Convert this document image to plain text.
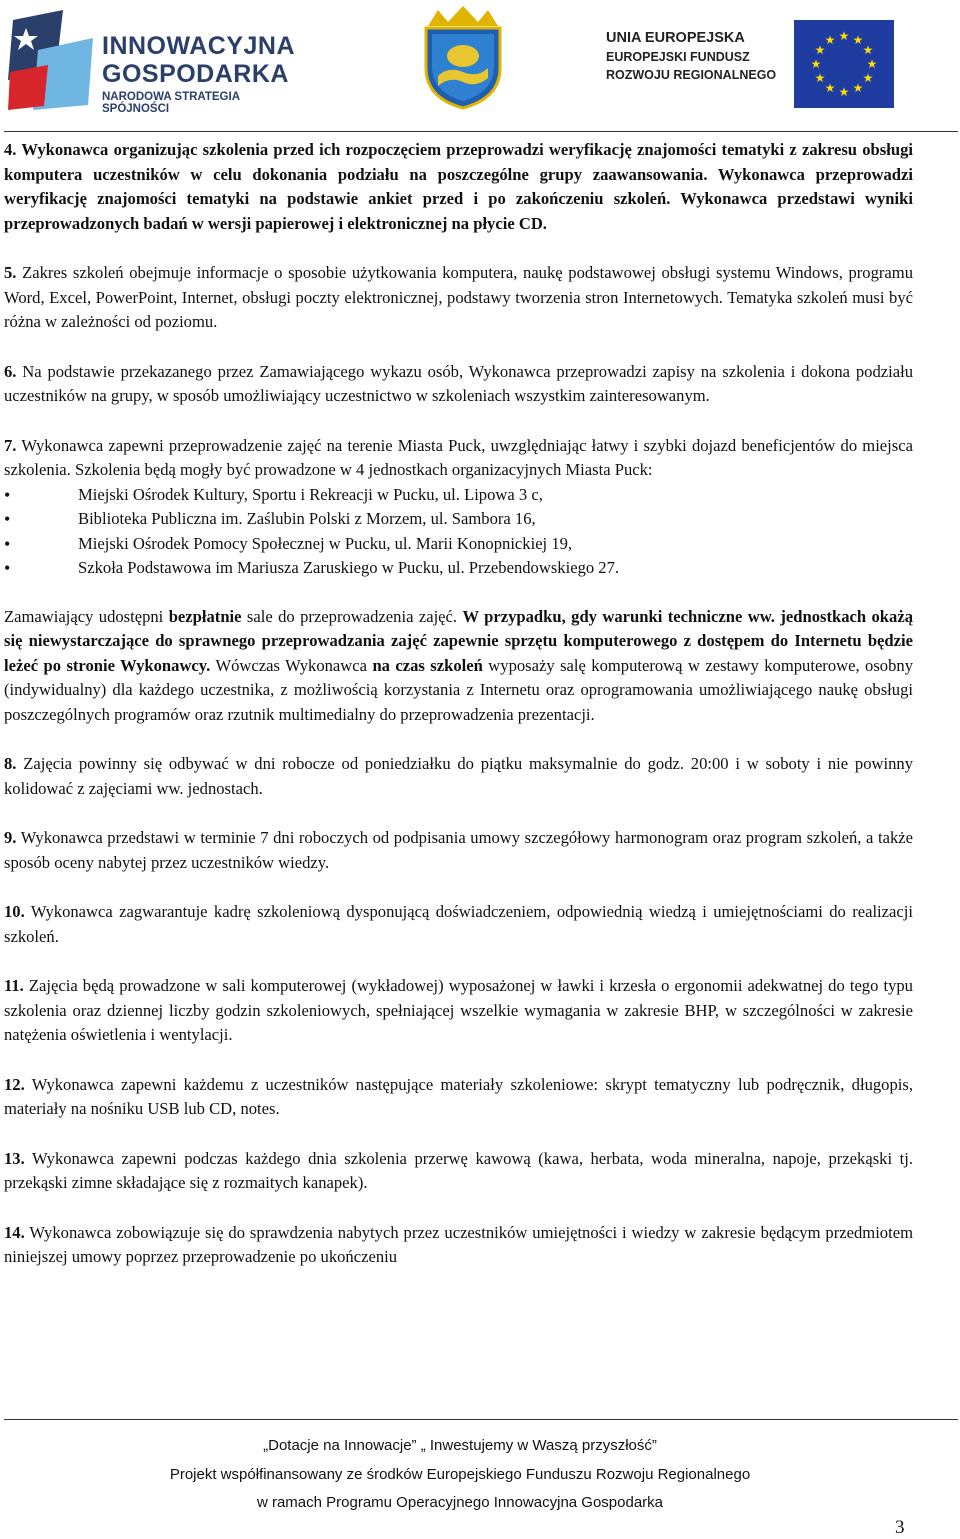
INNOWACYJNA
GOSPODARKA
NARODOWA STRATEGIA SPÓJNOŚCI
UNIA EUROPEJSKA
EUROPEJSKI FUNDUSZ
ROZWOJU REGIONALNEGO
★ ★
★
★
★
★
★
★
★
★
★
★

4. Wykonawca organizując szkolenia przed ich rozpoczęciem przeprowadzi weryfikację znajomości tematyki z zakresu obsługi komputera uczestników w celu dokonania podziału na poszczególne grupy zaawansowania. Wykonawca przeprowadzi weryfikację znajomości tematyki na podstawie ankiet przed i po zakończeniu szkoleń. Wykonawca przedstawi wyniki przeprowadzonych badań w wersji papierowej i elektronicznej na płycie CD.

5. Zakres szkoleń obejmuje informacje o sposobie użytkowania komputera, naukę podstawowej obsługi systemu Windows, programu Word, Excel, PowerPoint, Internet, obsługi poczty elektronicznej, podstawy tworzenia stron Internetowych. Tematyka szkoleń musi być różna w zależności od poziomu.

6. Na podstawie przekazanego przez Zamawiającego wykazu osób, Wykonawca przeprowadzi zapisy na szkolenia i dokona podziału uczestników na grupy, w sposób umożliwiający uczestnictwo w szkoleniach wszystkim zainteresowanym.

7. Wykonawca zapewni przeprowadzenie zajęć na terenie Miasta Puck, uwzględniając łatwy i szybki dojazd beneficjentów do miejsca szkolenia. Szkolenia będą mogły być prowadzone w 4 jednostkach organizacyjnych Miasta Puck:

• Miejski Ośrodek Kultury, Sportu i Rekreacji w Pucku, ul. Lipowa 3 c,
• Biblioteka Publiczna im. Zaślubin Polski z Morzem, ul. Sambora 16,
• Miejski Ośrodek Pomocy Społecznej w Pucku, ul. Marii Konopnickiej 19,
• Szkoła Podstawowa im Mariusza Zaruskiego w Pucku, ul. Przebendowskiego 27.

Zamawiający udostępni bezpłatnie sale do przeprowadzenia zajęć. W przypadku, gdy warunki techniczne ww. jednostkach okażą się niewystarczające do sprawnego przeprowadzania zajęć zapewnie sprzętu komputerowego z dostępem do Internetu będzie leżeć po stronie Wykonawcy. Wówczas Wykonawca na czas szkoleń wyposaży salę komputerową w zestawy komputerowe, osobny (indywidualny) dla każdego uczestnika, z możliwością korzystania z Internetu oraz oprogramowania umożliwiającego naukę obsługi poszczególnych programów oraz rzutnik multimedialny do przeprowadzenia prezentacji.

8. Zajęcia powinny się odbywać w dni robocze od poniedziałku do piątku maksymalnie do godz. 20:00 i w soboty i nie powinny kolidować z zajęciami ww. jednostach.

9. Wykonawca przedstawi w terminie 7 dni roboczych od podpisania umowy szczegółowy harmonogram oraz program szkoleń, a także sposób oceny nabytej przez uczestników wiedzy.

10. Wykonawca zagwarantuje kadrę szkoleniową dysponującą doświadczeniem, odpowiednią wiedzą i umiejętnościami do realizacji szkoleń.

11. Zajęcia będą prowadzone w sali komputerowej (wykładowej) wyposażonej w ławki i krzesła o ergonomii adekwatnej do tego typu szkolenia oraz dziennej liczby godzin szkoleniowych, spełniającej wszelkie wymagania w zakresie BHP, w szczególności w zakresie natężenia oświetlenia i wentylacji.

12. Wykonawca zapewni każdemu z uczestników następujące materiały szkoleniowe: skrypt tematyczny lub podręcznik, długopis, materiały na nośniku USB lub CD, notes.

13. Wykonawca zapewni podczas każdego dnia szkolenia przerwę kawową (kawa, herbata, woda mineralna, napoje, przekąski tj. przekąski zimne składające się z rozmaitych kanapek).

14. Wykonawca zobowiązuje się do sprawdzenia nabytych przez uczestników umiejętności i wiedzy w zakresie będącym przedmiotem niniejszej umowy poprzez przeprowadzenie po ukończeniu

„Dotacje na Innowacje” „ Inwestujemy w Waszą przyszłość”
Projekt współfinansowany ze środków Europejskiego Funduszu Rozwoju Regionalnego
w ramach Programu Operacyjnego Innowacyjna Gospodarka
3
